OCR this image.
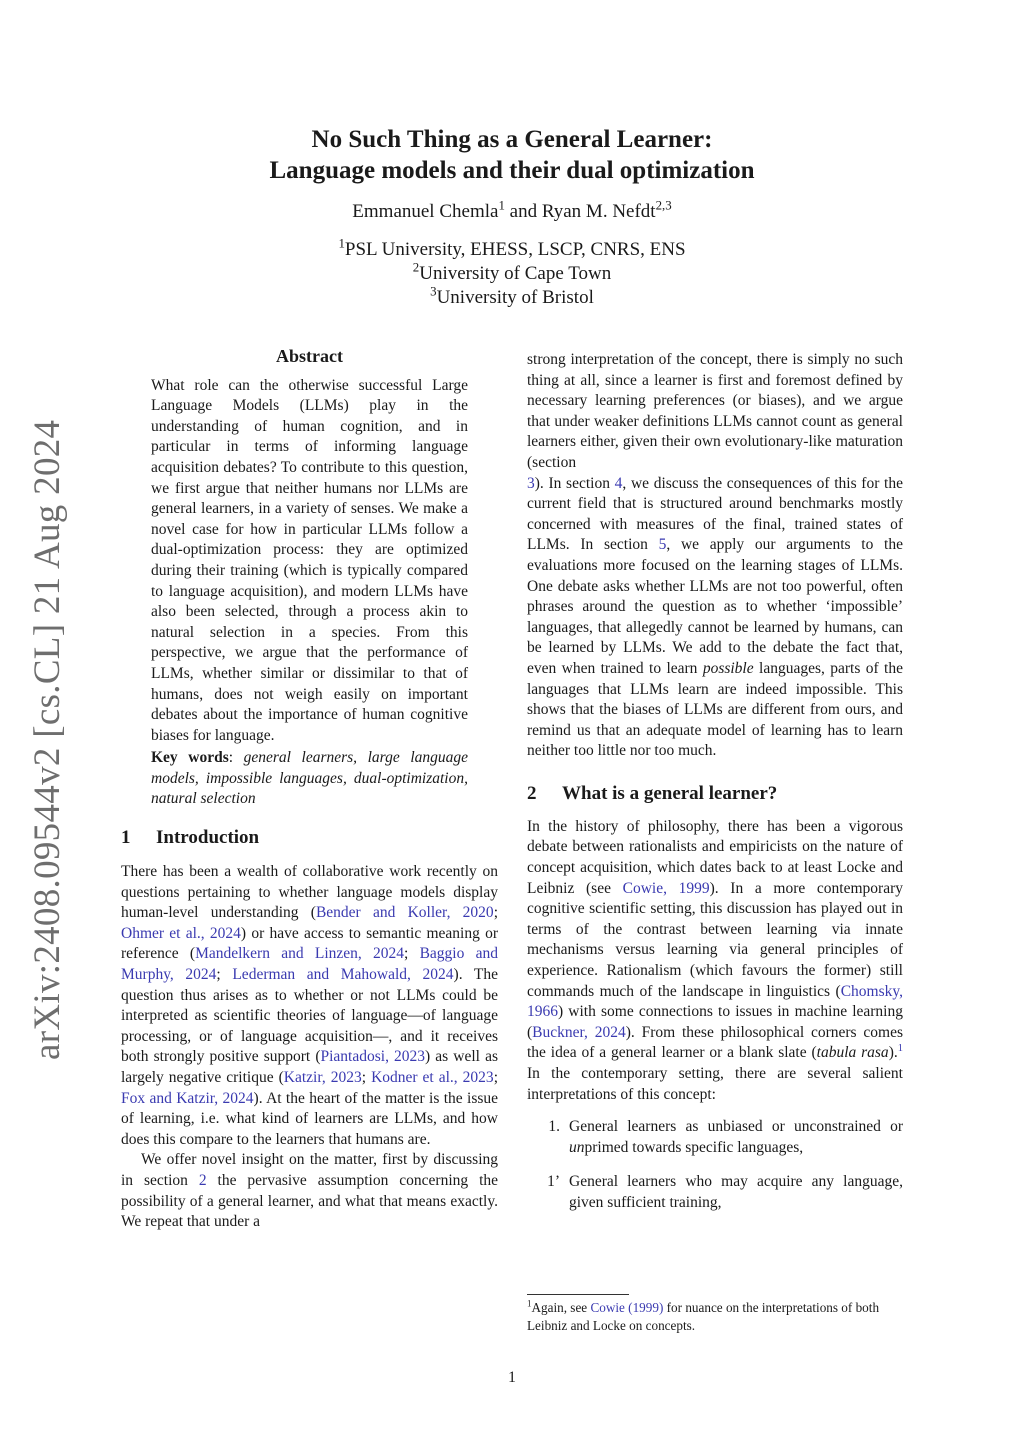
arXiv:2408.09544v2 [cs.CL] 21 Aug 2024
No Such Thing as a General Learner:
Language models and their dual optimization
Emmanuel Chemla$^1$ and Ryan M. Nefdt$^{2,3}$
$^1$PSL University, EHESS, LSCP, CNRS, ENS
$^2$University of Cape Town
$^3$University of Bristol
Abstract

What role can the otherwise successful Large Language Models (LLMs) play in the understanding of human cognition, and in particular in terms of informing language acquisition debates? To contribute to this question, we first argue that neither humans nor LLMs are general learners, in a variety of senses. We make a novel case for how in particular LLMs follow a dual-optimization process: they are optimized during their training (which is typically compared to language acquisition), and modern LLMs have also been selected, through a process akin to natural selection in a species. From this perspective, we argue that the performance of LLMs, whether similar or dissimilar to that of humans, does not weigh easily on important debates about the importance of human cognitive biases for language.

Key words: general learners, large language models, impossible languages, dual-optimization, natural selection

1 Introduction

There has been a wealth of collaborative work recently on questions pertaining to whether language models display human-level understanding (Bender and Koller, 2020; Ohmer et al., 2024) or have access to semantic meaning or reference (Mandelkern and Linzen, 2024; Baggio and Murphy, 2024; Lederman and Mahowald, 2024). The question thus arises as to whether or not LLMs could be interpreted as scientific theories of language—of language processing, or of language acquisition—, and it receives both strongly positive support (Piantadosi, 2023) as well as largely negative critique (Katzir, 2023; Kodner et al., 2023; Fox and Katzir, 2024). At the heart of the matter is the issue of learning, i.e. what kind of learners are LLMs, and how does this compare to the learners that humans are.

We offer novel insight on the matter, first by discussing in section 2 the pervasive assumption concerning the possibility of a general learner, and what that means exactly. We repeat that under a

strong interpretation of the concept, there is simply no such thing at all, since a learner is first and foremost defined by necessary learning preferences (or biases), and we argue that under weaker definitions LLMs cannot count as general learners either, given their own evolutionary-like maturation (section

3). In section 4, we discuss the consequences of this for the current field that is structured around benchmarks mostly concerned with measures of the final, trained states of LLMs. In section 5, we apply our arguments to the evaluations more focused on the learning stages of LLMs. One debate asks whether LLMs are not too powerful, often phrases around the question as to whether ‘impossible’ languages, that allegedly cannot be learned by humans, can be learned by LLMs. We add to the debate the fact that, even when trained to learn possible languages, parts of the languages that LLMs learn are indeed impossible. This shows that the biases of LLMs are different from ours, and remind us that an adequate model of learning has to learn neither too little nor too much.

2 What is a general learner?

In the history of philosophy, there has been a vigorous debate between rationalists and empiricists on the nature of concept acquisition, which dates back to at least Locke and Leibniz (see Cowie, 1999). In a more contemporary cognitive scientific setting, this discussion has played out in terms of the contrast between learning via innate mechanisms versus learning via general principles of experience. Rationalism (which favours the former) still commands much of the landscape in linguistics (Chomsky, 1966) with some connections to issues in machine learning (Buckner, 2024). From these philosophical corners comes the idea of a general learner or a blank slate (tabula rasa).$^1$ In the contemporary setting, there are several salient interpretations of this concept:

1. General learners as unbiased or unconstrained or unprimed towards specific languages,
1’ General learners who may acquire any language, given sufficient training,
$^1$Again, see Cowie (1999) for nuance on the interpretations of both Leibniz and Locke on concepts.
1
